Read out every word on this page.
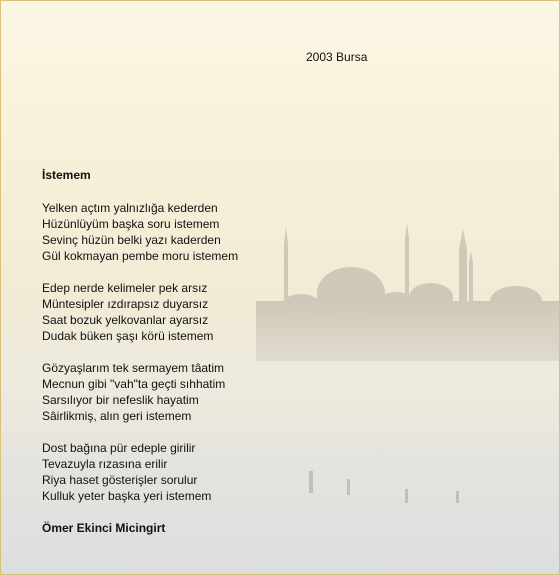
2003 Bursa
İstemem
Yelken açtım yalnızlığa kederden
Hüzünlüyüm başka soru istemem
Sevinç hüzün belki yazı kaderden
Gül kokmayan pembe moru istemem
Edep nerde kelimeler pek arsız
Müntesipler ızdırapsız duyarsız
Saat bozuk yelkovanlar ayarsız
Dudak büken şaşı körü istemem
Gözyaşlarım tek sermayem tâatim
Mecnun gibi "vah"ta geçti sıhhatim
Sarsılıyor bir nefeslik hayatim
Sâirlikmiş, alın geri istemem
Dost bağına pür edeple girilir
Tevazuyla rızasına erilir
Riya haset gösterişler sorulur
Kulluk yeter başka yeri istemem
Ömer Ekinci Micingirt
